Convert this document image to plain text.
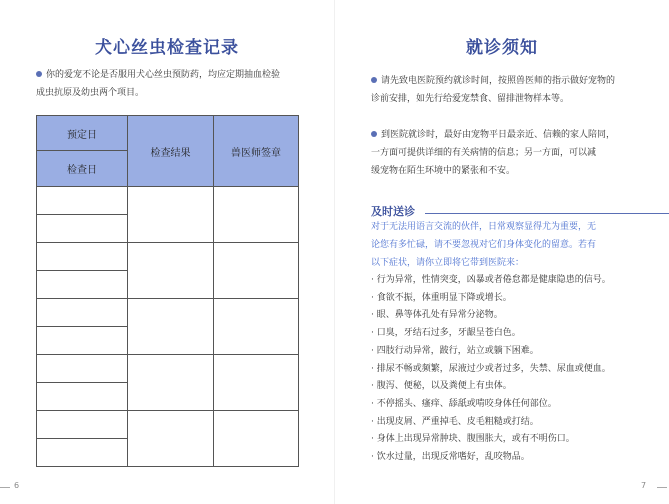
犬心丝虫检查记录
你的爱宠不论是否服用犬心丝虫预防药，均应定期抽血检验
成虫抗原及幼虫两个项目。
预定日	检查结果	兽医师签章
检查日		

6
就诊须知
请先致电医院预约就诊时间，按照兽医师的指示做好宠物的
诊前安排，如先行给爱宠禁食、留排泄物样本等。
到医院就诊时，最好由宠物平日最亲近、信赖的家人陪同，
一方面可提供详细的有关病情的信息；另一方面，可以减
缓宠物在陌生环境中的紧张和不安。
及时送诊
对于无法用语言交流的伙伴，日常观察显得尤为重要，无
论您有多忙碌，请不要忽视对它们身体变化的留意。若有
以下症状，请你立即将它带到医院来：
· 行为异常，性情突变，凶暴或者倦怠都是健康隐患的信号。
· 食欲不振，体重明显下降或增长。
· 眼、鼻等体孔处有异常分泌物。
· 口臭，牙结石过多，牙龈呈苍白色。
· 四肢行动异常，跛行，站立或躺下困难。
· 排尿不畅或频繁，尿液过少或者过多，失禁、尿血或便血。
· 腹泻、便秘，以及粪便上有虫体。
· 不停摇头、瘙痒、舔舐或啃咬身体任何部位。
· 出现皮屑、严重掉毛、皮毛粗糙或打结。
· 身体上出现异常肿块、腹围胀大，或有不明伤口。
· 饮水过量，出现反常嗜好，乱咬物品。
7
